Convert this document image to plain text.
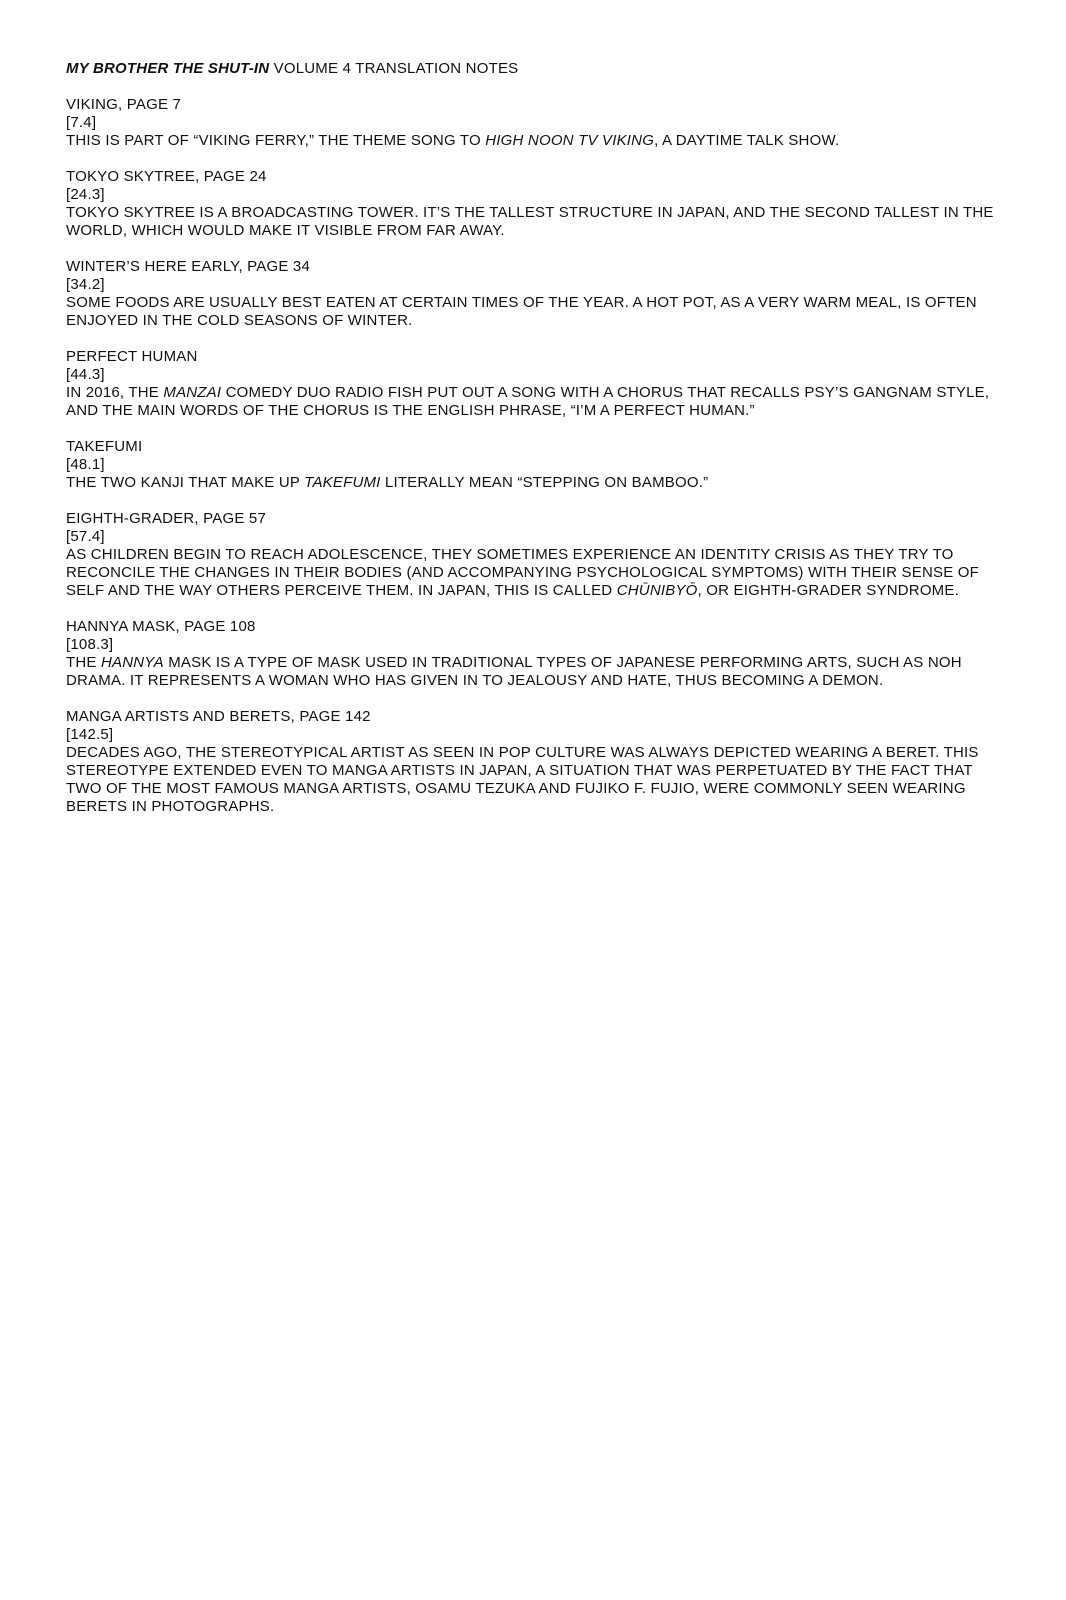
MY BROTHER THE SHUT-IN VOLUME 4 TRANSLATION NOTES
VIKING, PAGE 7
[7.4]
THIS IS PART OF “VIKING FERRY,” THE THEME SONG TO HIGH NOON TV VIKING, A DAYTIME TALK SHOW.
TOKYO SKYTREE, PAGE 24
[24.3]
TOKYO SKYTREE IS A BROADCASTING TOWER. IT’S THE TALLEST STRUCTURE IN JAPAN, AND THE SECOND TALLEST IN THE WORLD, WHICH WOULD MAKE IT VISIBLE FROM FAR AWAY.
WINTER’S HERE EARLY, PAGE 34
[34.2]
SOME FOODS ARE USUALLY BEST EATEN AT CERTAIN TIMES OF THE YEAR. A HOT POT, AS A VERY WARM MEAL, IS OFTEN ENJOYED IN THE COLD SEASONS OF WINTER.
PERFECT HUMAN
[44.3]
IN 2016, THE MANZAI COMEDY DUO RADIO FISH PUT OUT A SONG WITH A CHORUS THAT RECALLS PSY’S GANGNAM STYLE, AND THE MAIN WORDS OF THE CHORUS IS THE ENGLISH PHRASE, “I’M A PERFECT HUMAN.”
TAKEFUMI
[48.1]
THE TWO KANJI THAT MAKE UP TAKEFUMI LITERALLY MEAN “STEPPING ON BAMBOO.”
EIGHTH-GRADER, PAGE 57
[57.4]
AS CHILDREN BEGIN TO REACH ADOLESCENCE, THEY SOMETIMES EXPERIENCE AN IDENTITY CRISIS AS THEY TRY TO RECONCILE THE CHANGES IN THEIR BODIES (AND ACCOMPANYING PSYCHOLOGICAL SYMPTOMS) WITH THEIR SENSE OF SELF AND THE WAY OTHERS PERCEIVE THEM. IN JAPAN, THIS IS CALLED CHŪNIBYŌ, OR EIGHTH-GRADER SYNDROME.
HANNYA MASK, PAGE 108
[108.3]
THE HANNYA MASK IS A TYPE OF MASK USED IN TRADITIONAL TYPES OF JAPANESE PERFORMING ARTS, SUCH AS NOH DRAMA. IT REPRESENTS A WOMAN WHO HAS GIVEN IN TO JEALOUSY AND HATE, THUS BECOMING A DEMON.
MANGA ARTISTS AND BERETS, PAGE 142
[142.5]
DECADES AGO, THE STEREOTYPICAL ARTIST AS SEEN IN POP CULTURE WAS ALWAYS DEPICTED WEARING A BERET. THIS STEREOTYPE EXTENDED EVEN TO MANGA ARTISTS IN JAPAN, A SITUATION THAT WAS PERPETUATED BY THE FACT THAT TWO OF THE MOST FAMOUS MANGA ARTISTS, OSAMU TEZUKA AND FUJIKO F. FUJIO, WERE COMMONLY SEEN WEARING BERETS IN PHOTOGRAPHS.
